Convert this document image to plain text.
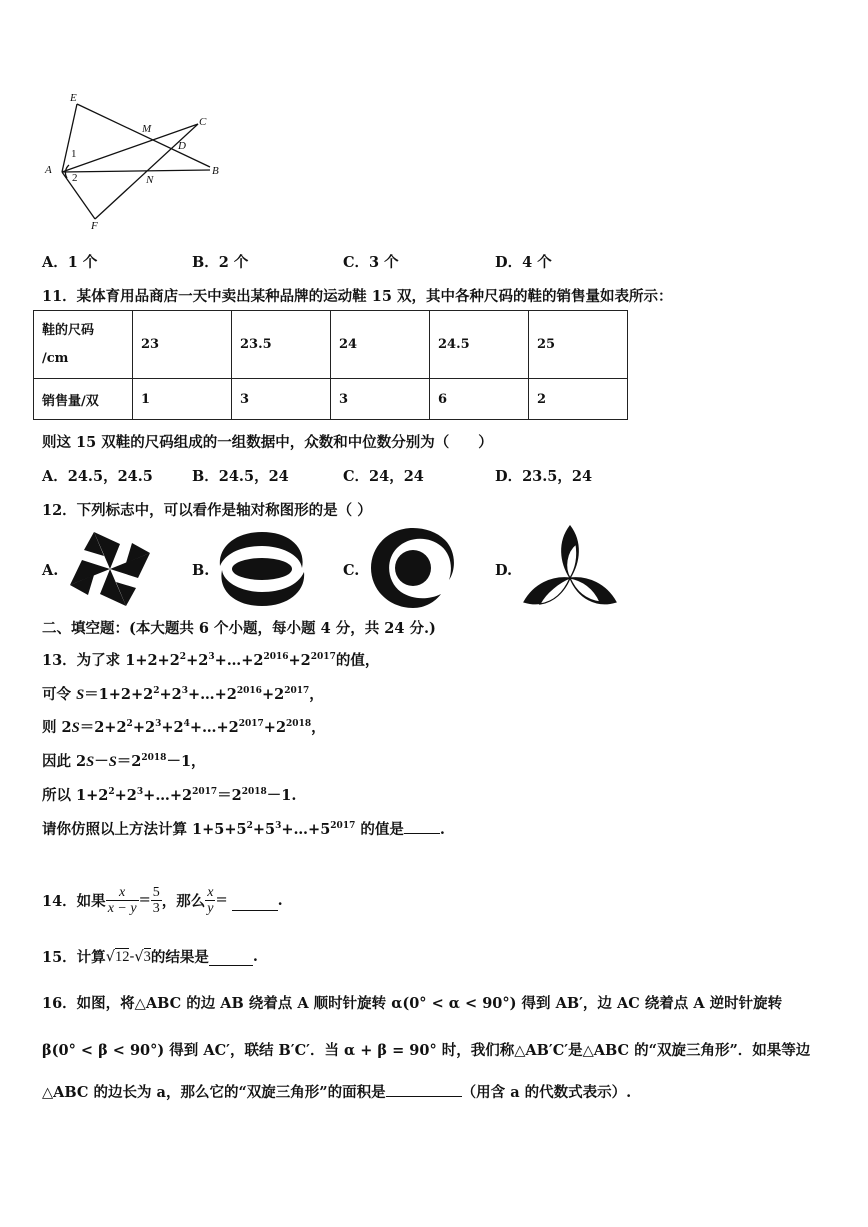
E
M
C
D
A
1
2	N
B
F
A．1 个	B．2 个	C．3 个	D．4 个
11．某体育用品商店一天中卖出某种品牌的运动鞋 15 双，其中各种尺码的鞋的销售量如表所示：
鞋的尺码
/cm	23	23.5	24	24.5	25
销售量/双	1	3	3	6	2
则这 15 双鞋的尺码组成的一组数据中，众数和中位数分别为（　　）
A．24.5，24.5	B．24.5，24	C．24，24	D．23.5，24
12．下列标志中，可以看作是轴对称图形的是（ ）
A.	B.	C.	D.
二、填空题：(本大题共 6 个小题，每小题 4 分，共 24 分.)
13．为了求 $1+2+2^2+2^3+\dots+2^{2016}+2^{2017}$的值，
可令 $S=1+2+2^2+2^3+\dots+2^{2016}+2^{2017}$，
则 $2S=2+2^2+2^3+2^4+\dots+2^{2017}+2^{2018}$，
因此 $2S-S=2^{2018}-1$，
所以 $1+2^2+2^3+\dots+2^{2017}=2^{2018}-1$.
请你仿照以上方法计算 $1+5+5^2+5^3+\dots+5^{2017}$ 的值是 .
14．如果 $\frac{x}{x - y} = \frac{5}{3}$ ，那么 $\frac{x}{y}$ =	.
15．计算 √ 12 - √ 3 的结果是	.
16．如图，将△ABC 的边 AB 绕着点 A 顺时针旋转 α(0° < α < 90°) 得到 AB′，边 AC 绕着点 A 逆时针旋转
β(0° < β < 90°) 得到 AC′，联结 B′C′．当 α + β = 90° 时，我们称△AB′C′是△ABC 的“双旋三角形”．如果等边
△ABC 的边长为 a，那么它的“双旋三角形”的面积是	（用含 a 的代数式表示）.
